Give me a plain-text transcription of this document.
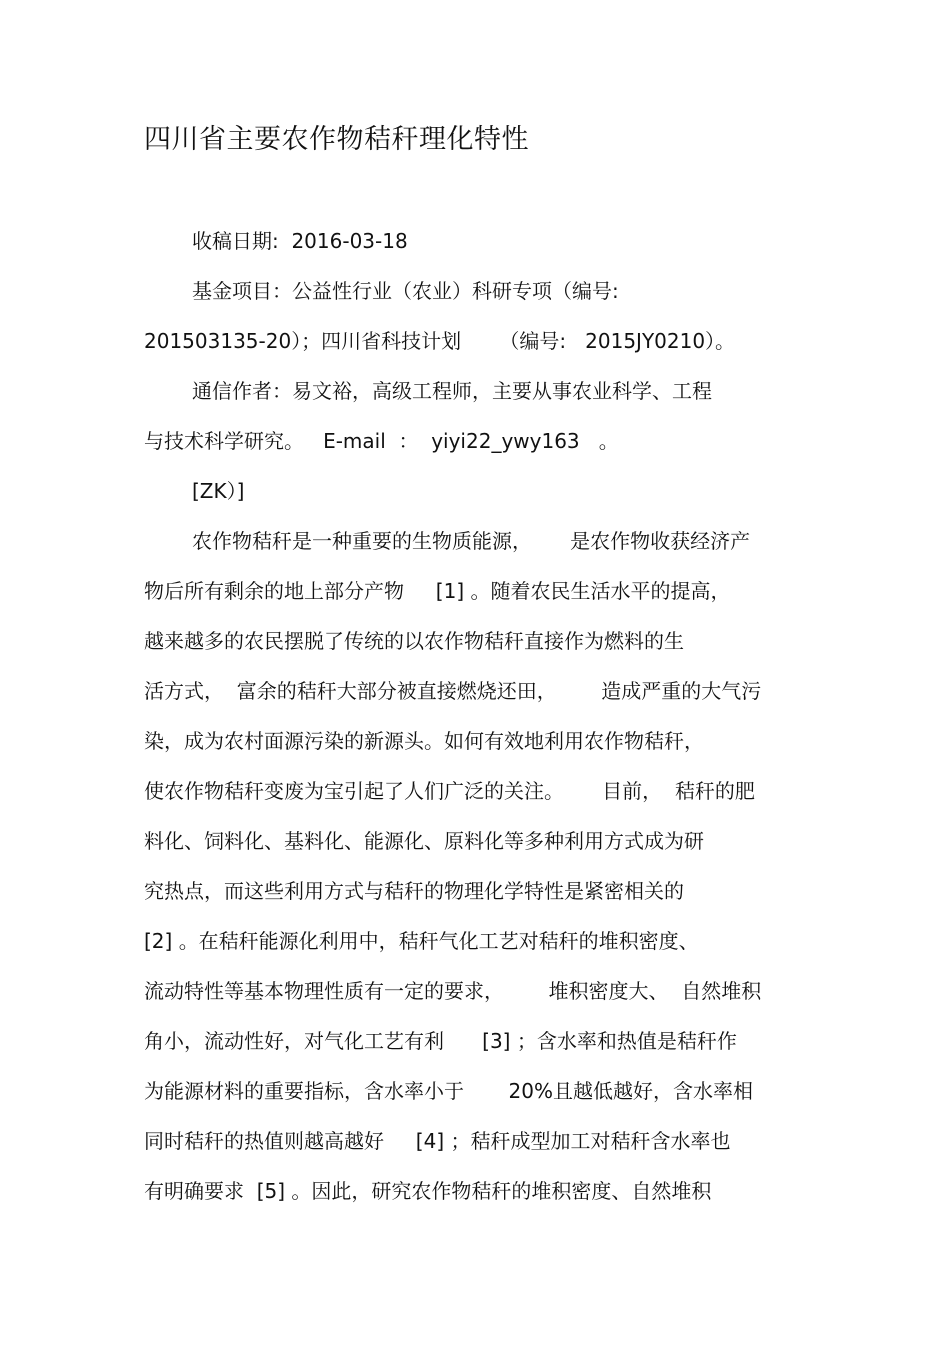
四川省主要农作物秸秆理化特性

收稿日期:  2016-03-18

基金项目：公益性行业（农业）科研专项（编号:

201503135-20）；四川省科技计划      （编号:   2015JY0210）。

通信作者：易文裕，高级工程师，主要从事农业科学、工程

与技术科学研究。   E-mail  ：  yiyi22_ywy163   。

[ZK）]

农作物秸秆是一种重要的生物质能源，      是农作物收获经济产

物后所有剩余的地上部分产物     [1] 。随着农民生活水平的提高，

越来越多的农民摆脱了传统的以农作物秸秆直接作为燃料的生

活方式，  富余的秸秆大部分被直接燃烧还田，       造成严重的大气污

染，成为农村面源污染的新源头。如何有效地利用农作物秸秆，

使农作物秸秆变废为宝引起了人们广泛的关注。      目前，  秸秆的肥

料化、饲料化、基料化、能源化、原料化等多种利用方式成为研

究热点，而这些利用方式与秸秆的物理化学特性是紧密相关的

[2] 。在秸秆能源化利用中，秸秆气化工艺对秸秆的堆积密度、

流动特性等基本物理性质有一定的要求，       堆积密度大、  自然堆积

角小，流动性好，对气化工艺有利      [3] ；含水率和热值是秸秆作

为能源材料的重要指标，含水率小于       20%且越低越好，含水率相

同时秸秆的热值则越高越好     [4] ；秸秆成型加工对秸秆含水率也

有明确要求  [5] 。因此，研究农作物秸秆的堆积密度、自然堆积
